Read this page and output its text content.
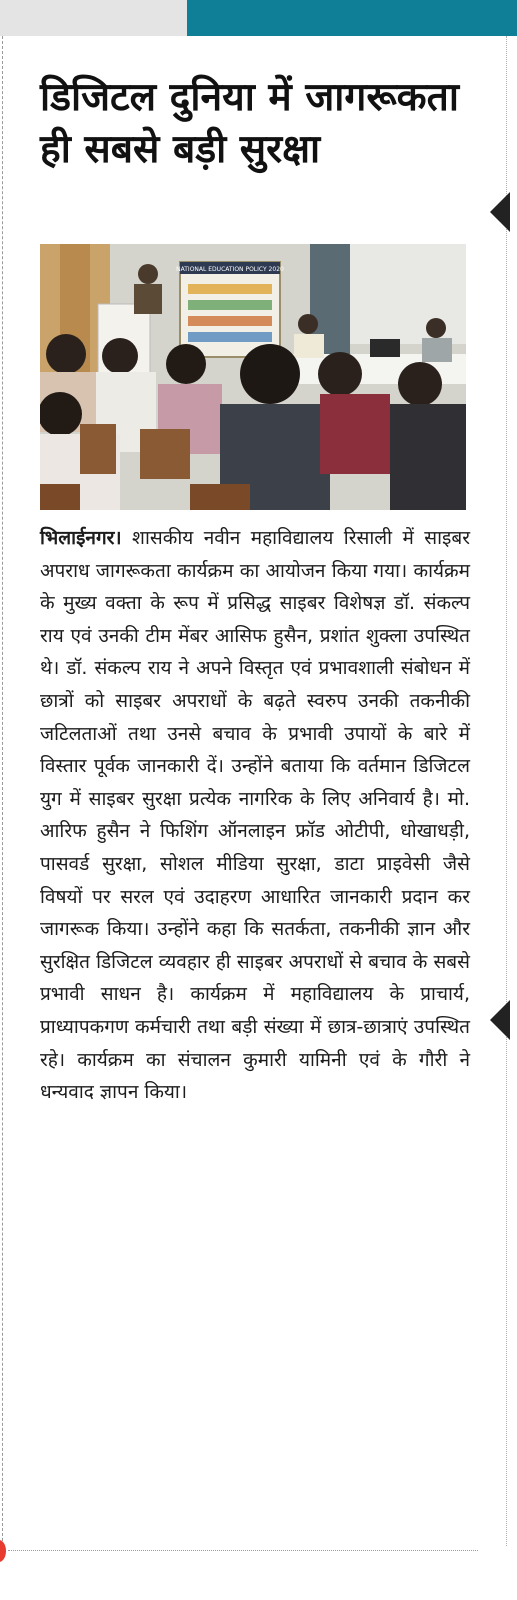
डिजिटल दुनिया में जागरूकता ही सबसे बड़ी सुरक्षा
NATIONAL EDUCATION POLICY 2020

भिलाईनगर। शासकीय नवीन महाविद्यालय रिसाली में साइबर अपराध जागरूकता कार्यक्रम का आयोजन किया गया। कार्यक्रम के मुख्य वक्ता के रूप में प्रसिद्ध साइबर विशेषज्ञ डॉ. संकल्प राय एवं उनकी टीम मेंबर आसिफ हुसैन, प्रशांत शुक्ला उपस्थित थे। डॉ. संकल्प राय ने अपने विस्तृत एवं प्रभावशाली संबोधन में छात्रों को साइबर अपराधों के बढ़ते स्वरुप उनकी तकनीकी जटिलताओं तथा उनसे बचाव के प्रभावी उपायों के बारे में विस्तार पूर्वक जानकारी दें। उन्होंने बताया कि वर्तमान डिजिटल युग में साइबर सुरक्षा प्रत्येक नागरिक के लिए अनिवार्य है। मो. आरिफ हुसैन ने फिशिंग ऑनलाइन फ्रॉड ओटीपी, धोखाधड़ी, पासवर्ड सुरक्षा, सोशल मीडिया सुरक्षा, डाटा प्राइवेसी जैसे विषयों पर सरल एवं उदाहरण आधारित जानकारी प्रदान कर जागरूक किया। उन्होंने कहा कि सतर्कता, तकनीकी ज्ञान और सुरक्षित डिजिटल व्यवहार ही साइबर अपराधों से बचाव के सबसे प्रभावी साधन है। कार्यक्रम में महाविद्यालय के प्राचार्य, प्राध्यापकगण कर्मचारी तथा बड़ी संख्या में छात्र-छात्राएं उपस्थित रहे। कार्यक्रम का संचालन कुमारी यामिनी एवं के गौरी ने धन्यवाद ज्ञापन किया।
